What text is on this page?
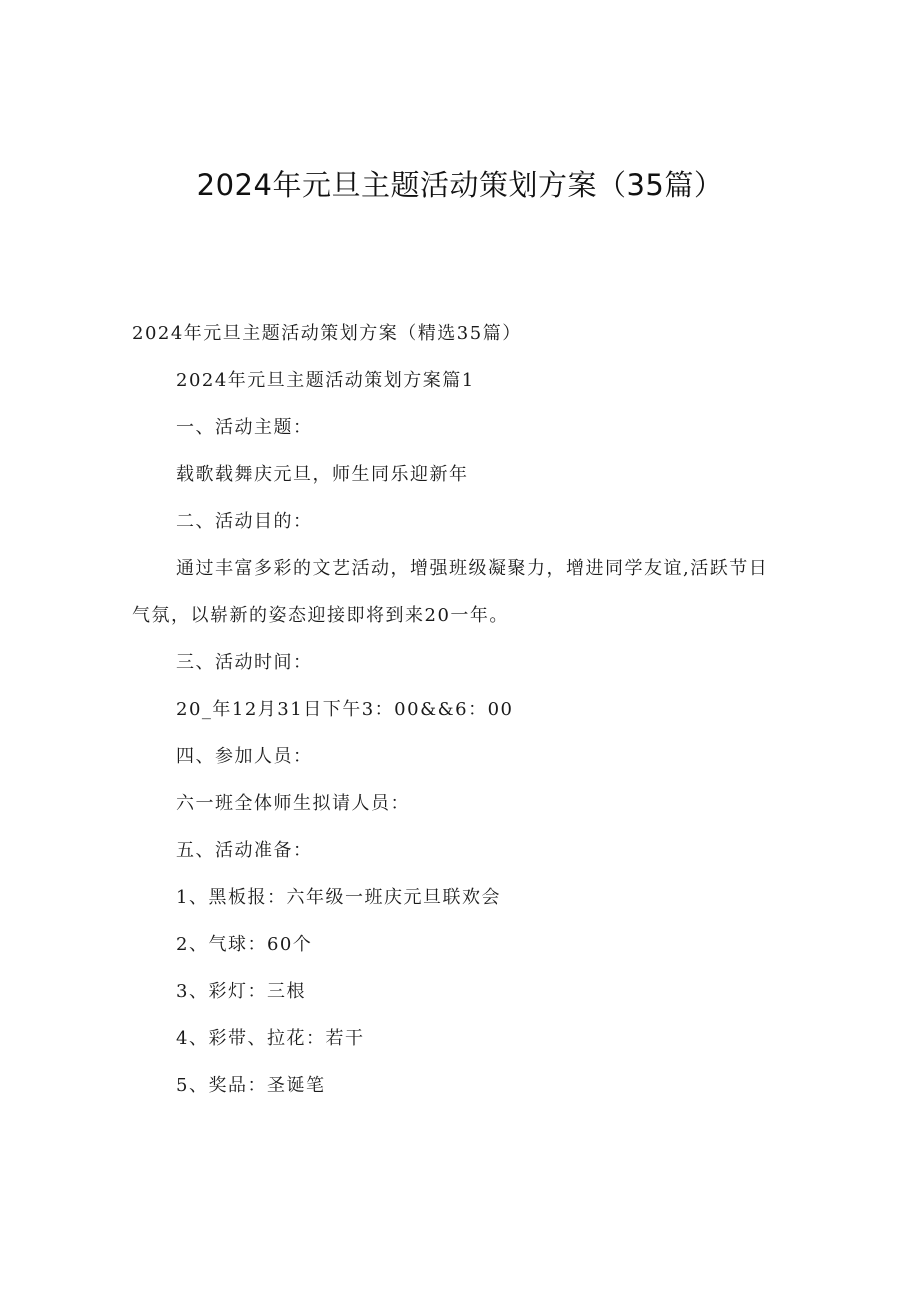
2024年元旦主题活动策划方案（35篇）

2024年元旦主题活动策划方案（精选35篇）

2024年元旦主题活动策划方案篇1

一、活动主题：

载歌载舞庆元旦，师生同乐迎新年

二、活动目的：

通过丰富多彩的文艺活动，增强班级凝聚力，增进同学友谊,活跃节日气氛，以崭新的姿态迎接即将到来20一年。

三、活动时间：

20_年12月31日下午3：00&&6：00

四、参加人员：

六一班全体师生拟请人员：

五、活动准备：

1、黑板报：六年级一班庆元旦联欢会

2、气球：60个

3、彩灯：三根

4、彩带、拉花：若干

5、奖品：圣诞笔
